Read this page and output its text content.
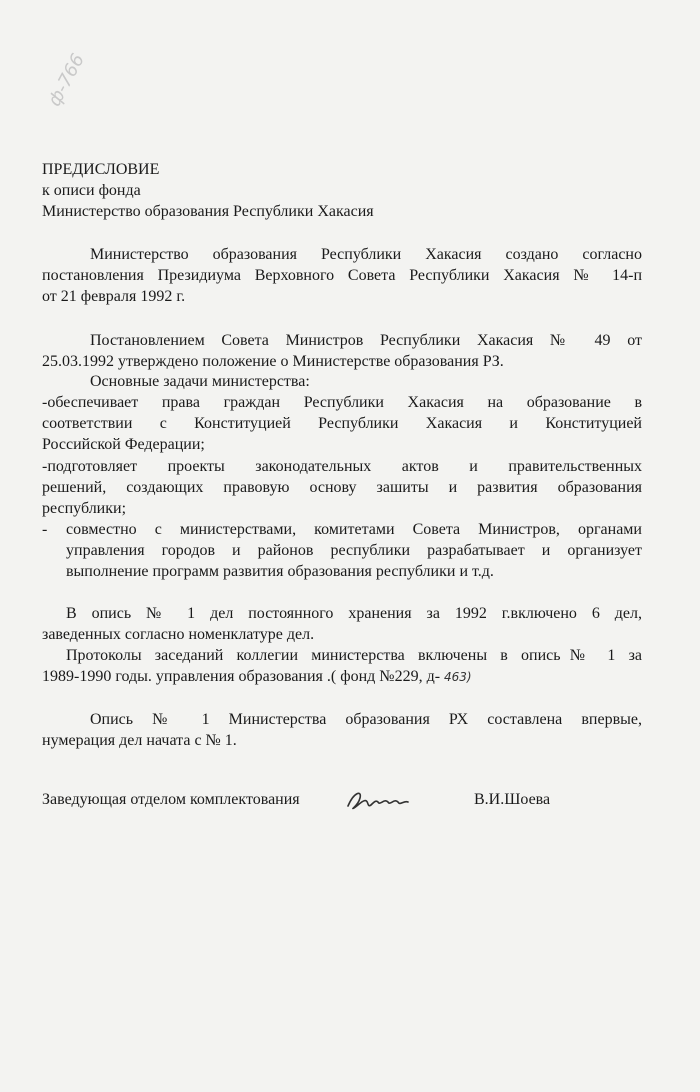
ф-766
ПРЕДИСЛОВИЕ
к описи фонда
Министерство образования Республики Хакасия
Министерство образования Республики Хакасия создано согласно
постановления Президиума Верховного Совета Республики Хакасия № 14-п
от 21 февраля 1992 г.
Постановлением Совета Министров Республики Хакасия № 49 от
25.03.1992 утверждено положение о Министерстве образования РЗ.
Основные задачи министерства:
-обеспечивает права граждан Республики Хакасия на образование в
соответствии с Конституцией Республики Хакасия и Конституцией
Российской Федерации;
-подготовляет проекты законодательных актов и правительственных
решений, создающих правовую основу зашиты и развития образования
республики;
- совместно с министерствами, комитетами Совета Министров, органами
управления городов и районов республики разрабатывает и организует
выполнение программ развития образования республики и т.д.
В опись № 1 дел постоянного хранения за 1992 г.включено 6 дел,
заведенных согласно номенклатуре дел.
Протоколы заседаний коллегии министерства включены в опись№ 1 за
1989-1990 годы. управления образования .( фонд №229, д- 463)
Опись № 1 Министерства образования РХ составлена впервые,
нумерация дел начата с № 1.
Заведующая отделом комплектования	В.И.Шоева
